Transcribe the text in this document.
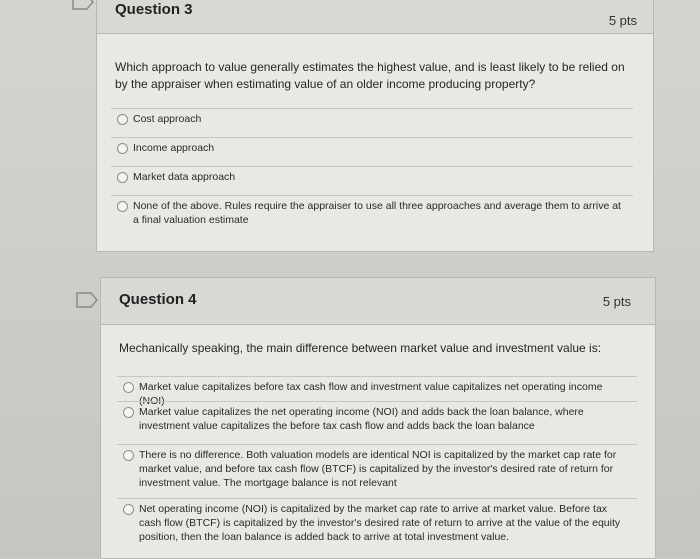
Question 3
5 pts
Which approach to value generally estimates the highest value, and is least likely to be relied on by the appraiser when estimating value of an older income producing property?
Cost approach
Income approach
Market data approach
None of the above. Rules require the appraiser to use all three approaches and average them to arrive at a final valuation estimate
Question 4	5 pts
Mechanically speaking, the main difference between market value and investment value is:
Market value capitalizes before tax cash flow and investment value capitalizes net operating income (NOI)
Market value capitalizes the net operating income (NOI) and adds back the loan balance, where investment value capitalizes the before tax cash flow and adds back the loan balance
There is no difference. Both valuation models are identical NOI is capitalized by the market cap rate for market value, and before tax cash flow (BTCF) is capitalized by the investor's desired rate of return for investment value. The mortgage balance is not relevant
Net operating income (NOI) is capitalized by the market cap rate to arrive at market value. Before tax cash flow (BTCF) is capitalized by the investor's desired rate of return to arrive at the value of the equity position, then the loan balance is added back to arrive at total investment value.
